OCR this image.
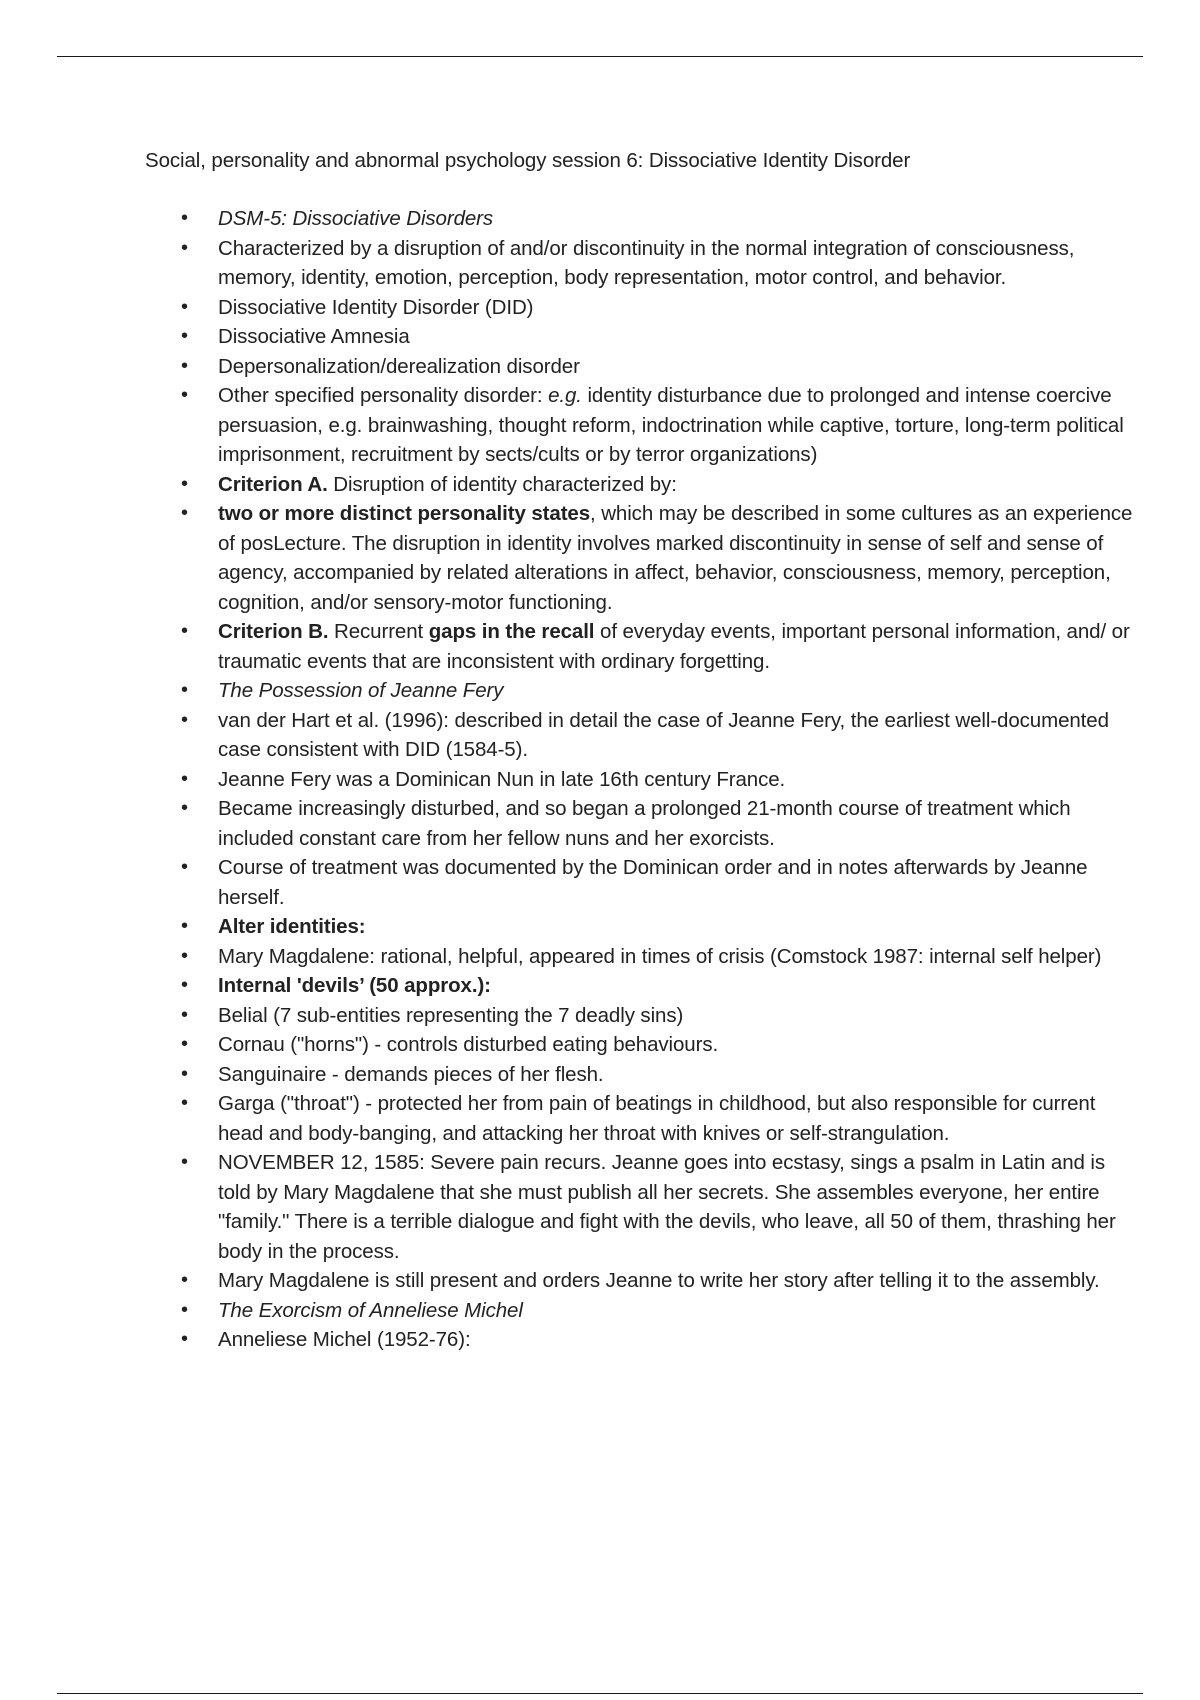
Social, personality and abnormal psychology session 6: Dissociative Identity Disorder

• DSM-5: Dissociative Disorders
• Characterized by a disruption of and/or discontinuity in the normal integration of consciousness, memory, identity, emotion, perception, body representation, motor control, and behavior.
• Dissociative Identity Disorder (DID)
• Dissociative Amnesia
• Depersonalization/derealization disorder
• Other specified personality disorder: e.g. identity disturbance due to prolonged and intense coercive persuasion, e.g. brainwashing, thought reform, indoctrination while captive, torture, long-term political imprisonment, recruitment by sects/cults or by terror organizations)
• Criterion A. Disruption of identity characterized by:
• two or more distinct personality states, which may be described in some cultures as an experience of posLecture. The disruption in identity involves marked discontinuity in sense of self and sense of agency, accompanied by related alterations in affect, behavior, consciousness, memory, perception, cognition, and/or sensory-motor functioning.
• Criterion B. Recurrent gaps in the recall of everyday events, important personal information, and/ or traumatic events that are inconsistent with ordinary forgetting.
• The Possession of Jeanne Fery
• van der Hart et al. (1996): described in detail the case of Jeanne Fery, the earliest well-documented case consistent with DID (1584-5).
• Jeanne Fery was a Dominican Nun in late 16th century France.
• Became increasingly disturbed, and so began a prolonged 21-month course of treatment which included constant care from her fellow nuns and her exorcists.
• Course of treatment was documented by the Dominican order and in notes afterwards by Jeanne herself.
• Alter identities:
• Mary Magdalene: rational, helpful, appeared in times of crisis (Comstock 1987: internal self helper)
• Internal 'devils’ (50 approx.):
• Belial (7 sub-entities representing the 7 deadly sins)
• Cornau ("horns") - controls disturbed eating behaviours.
• Sanguinaire - demands pieces of her flesh.
• Garga ("throat") - protected her from pain of beatings in childhood, but also responsible for current head and body-banging, and attacking her throat with knives or self-strangulation.
• NOVEMBER 12, 1585: Severe pain recurs. Jeanne goes into ecstasy, sings a psalm in Latin and is told by Mary Magdalene that she must publish all her secrets. She assembles everyone, her entire "family." There is a terrible dialogue and fight with the devils, who leave, all 50 of them, thrashing her body in the process.
• Mary Magdalene is still present and orders Jeanne to write her story after telling it to the assembly.
• The Exorcism of Anneliese Michel
• Anneliese Michel (1952-76):
